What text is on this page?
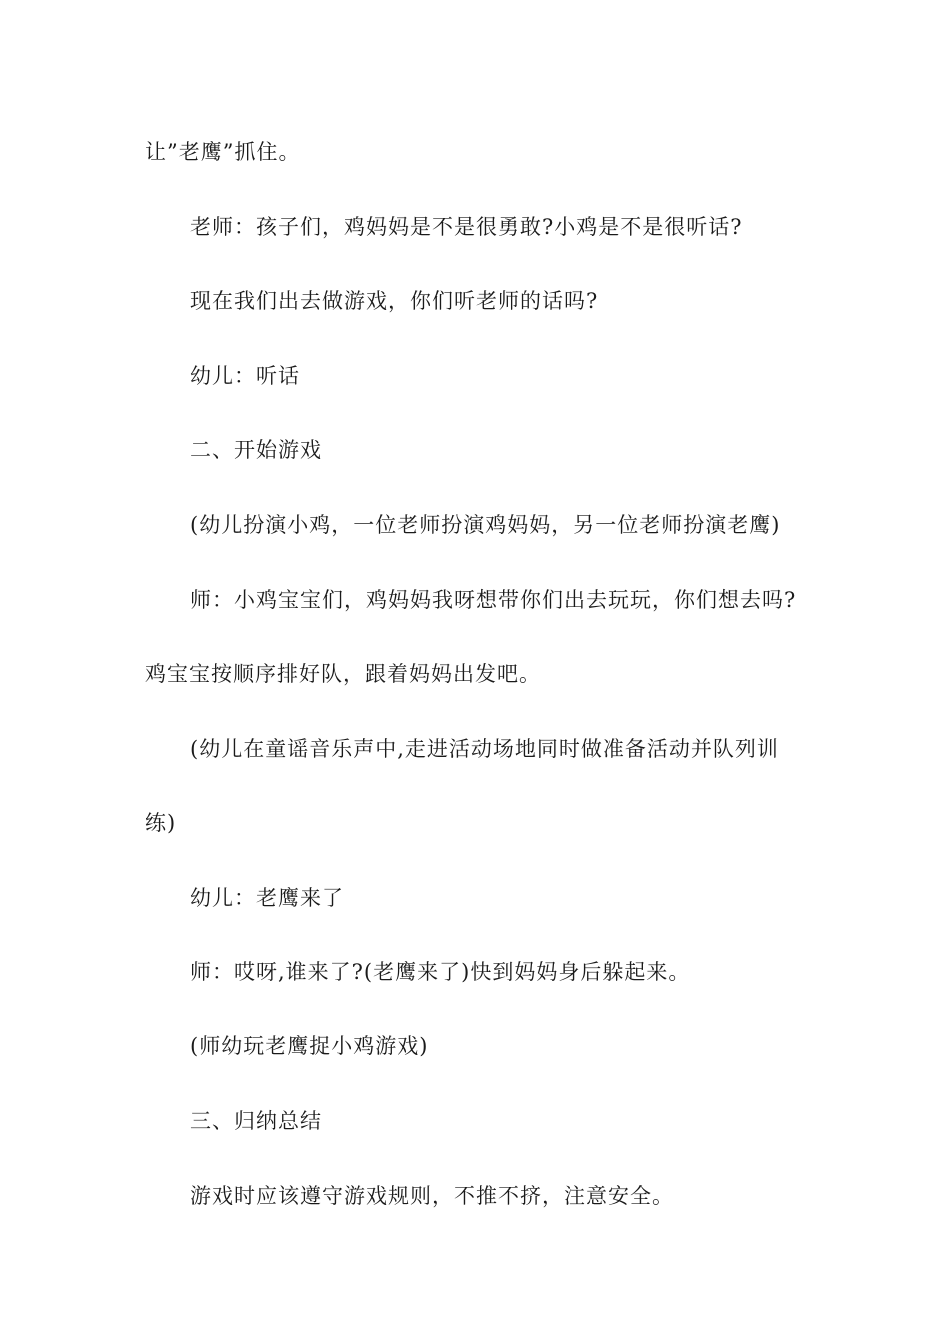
让”老鹰”抓住。
老师：孩子们，鸡妈妈是不是很勇敢?小鸡是不是很听话?
现在我们出去做游戏，你们听老师的话吗?
幼儿：听话
二、开始游戏
(幼儿扮演小鸡，一位老师扮演鸡妈妈，另一位老师扮演老鹰)
师：小鸡宝宝们，鸡妈妈我呀想带你们出去玩玩，你们想去吗?
鸡宝宝按顺序排好队，跟着妈妈出发吧。
(幼儿在童谣音乐声中,走进活动场地同时做准备活动并队列训
练)
幼儿：老鹰来了
师：哎呀,谁来了?(老鹰来了)快到妈妈身后躲起来。
(师幼玩老鹰捉小鸡游戏)
三、归纳总结
游戏时应该遵守游戏规则，不推不挤，注意安全。
